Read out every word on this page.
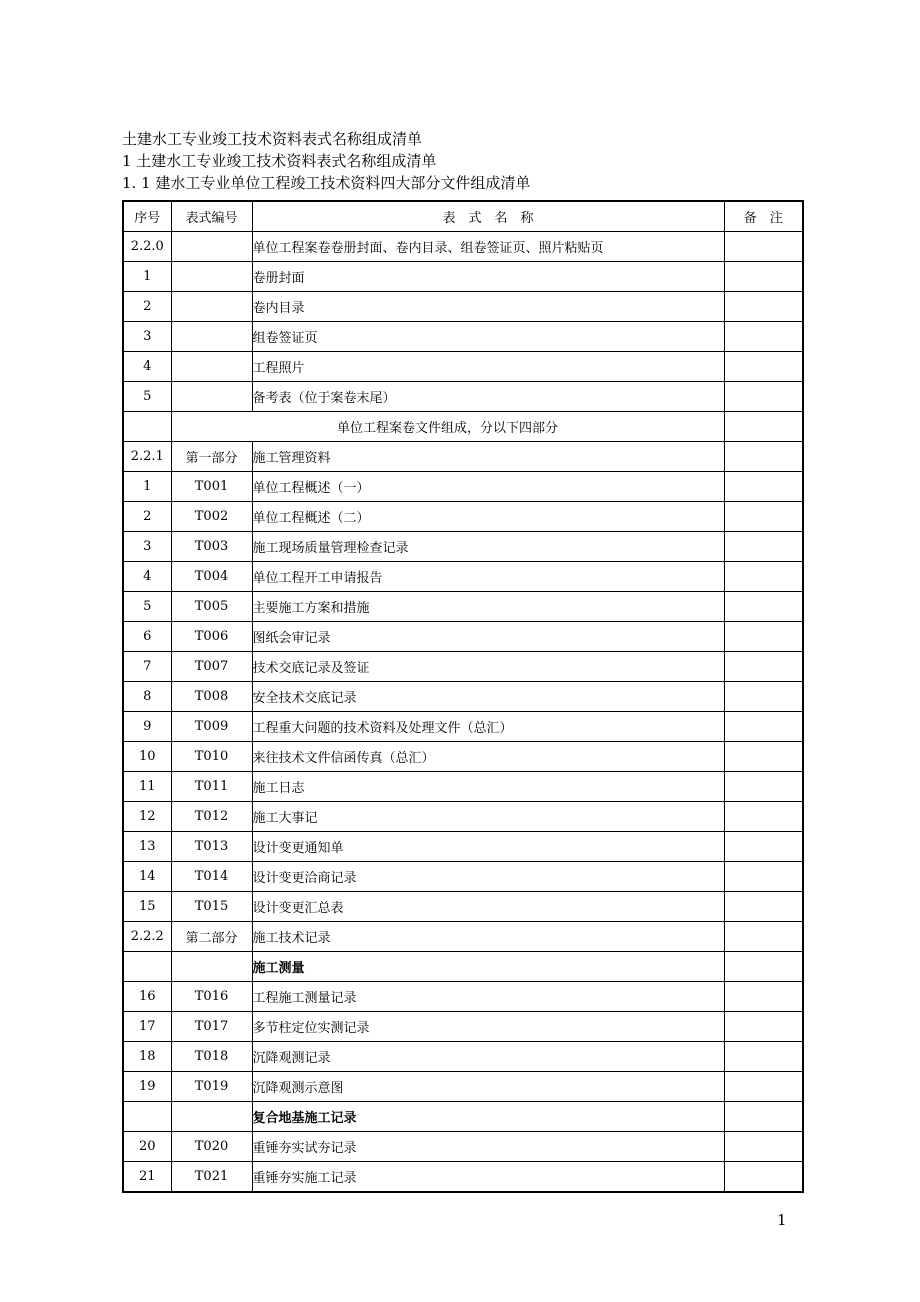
土建水工专业竣工技术资料表式名称组成清单
1 土建水工专业竣工技术资料表式名称组成清单
1. 1 建水工专业单位工程竣工技术资料四大部分文件组成清单
序号	表式编号	表　式　名　称	备　注
2.2.0		单位工程案卷卷册封面、卷内目录、组卷签证页、照片粘贴页	
1		卷册封面	
2		卷内目录	
3		组卷签证页	
4		工程照片	
5		备考表（位于案卷末尾）	
	单位工程案卷文件组成，分以下四部分		
2.2.1	第一部分	施工管理资料	
1	T001	单位工程概述（一）	
2	T002	单位工程概述（二）	
3	T003	施工现场质量管理检查记录	
4	T004	单位工程开工申请报告	
5	T005	主要施工方案和措施	
6	T006	图纸会审记录	
7	T007	技术交底记录及签证	
8	T008	安全技术交底记录	
9	T009	工程重大问题的技术资料及处理文件（总汇）	
10	T010	来往技术文件信函传真（总汇）	
11	T011	施工日志	
12	T012	施工大事记	
13	T013	设计变更通知单	
14	T014	设计变更洽商记录	
15	T015	设计变更汇总表	
2.2.2	第二部分	施工技术记录	
		施工测量	
16	T016	工程施工测量记录	
17	T017	多节柱定位实测记录	
18	T018	沉降观测记录	
19	T019	沉降观测示意图	
		复合地基施工记录	
20	T020	重锤夯实试夯记录	
21	T021	重锤夯实施工记录	
1
